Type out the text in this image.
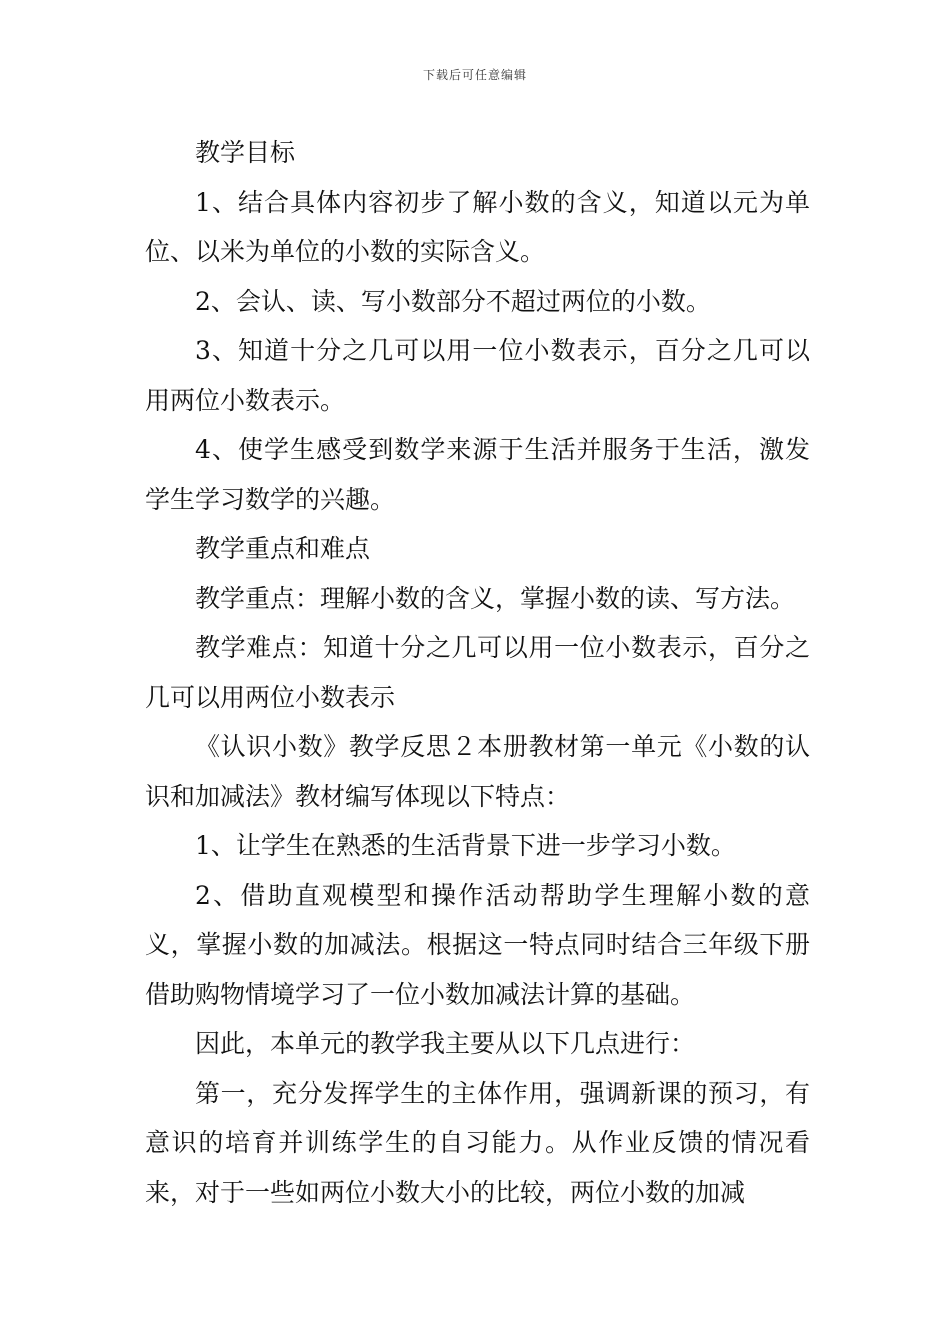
下载后可任意编辑

教学目标

1、结合具体内容初步了解小数的含义，知道以元为单位、以米为单位的小数的实际含义。

2、会认、读、写小数部分不超过两位的小数。

3、知道十分之几可以用一位小数表示，百分之几可以用两位小数表示。

4、使学生感受到数学来源于生活并服务于生活，激发学生学习数学的兴趣。

教学重点和难点

教学重点：理解小数的含义，掌握小数的读、写方法。

教学难点：知道十分之几可以用一位小数表示，百分之几可以用两位小数表示

《认识小数》教学反思２本册教材第一单元《小数的认识和加减法》教材编写体现以下特点：

1、让学生在熟悉的生活背景下进一步学习小数。

2、借助直观模型和操作活动帮助学生理解小数的意义，掌握小数的加减法。根据这一特点同时结合三年级下册借助购物情境学习了一位小数加减法计算的基础。

因此，本单元的教学我主要从以下几点进行：

第一，充分发挥学生的主体作用，强调新课的预习，有意识的培育并训练学生的自习能力。从作业反馈的情况看来，对于一些如两位小数大小的比较，两位小数的加减
